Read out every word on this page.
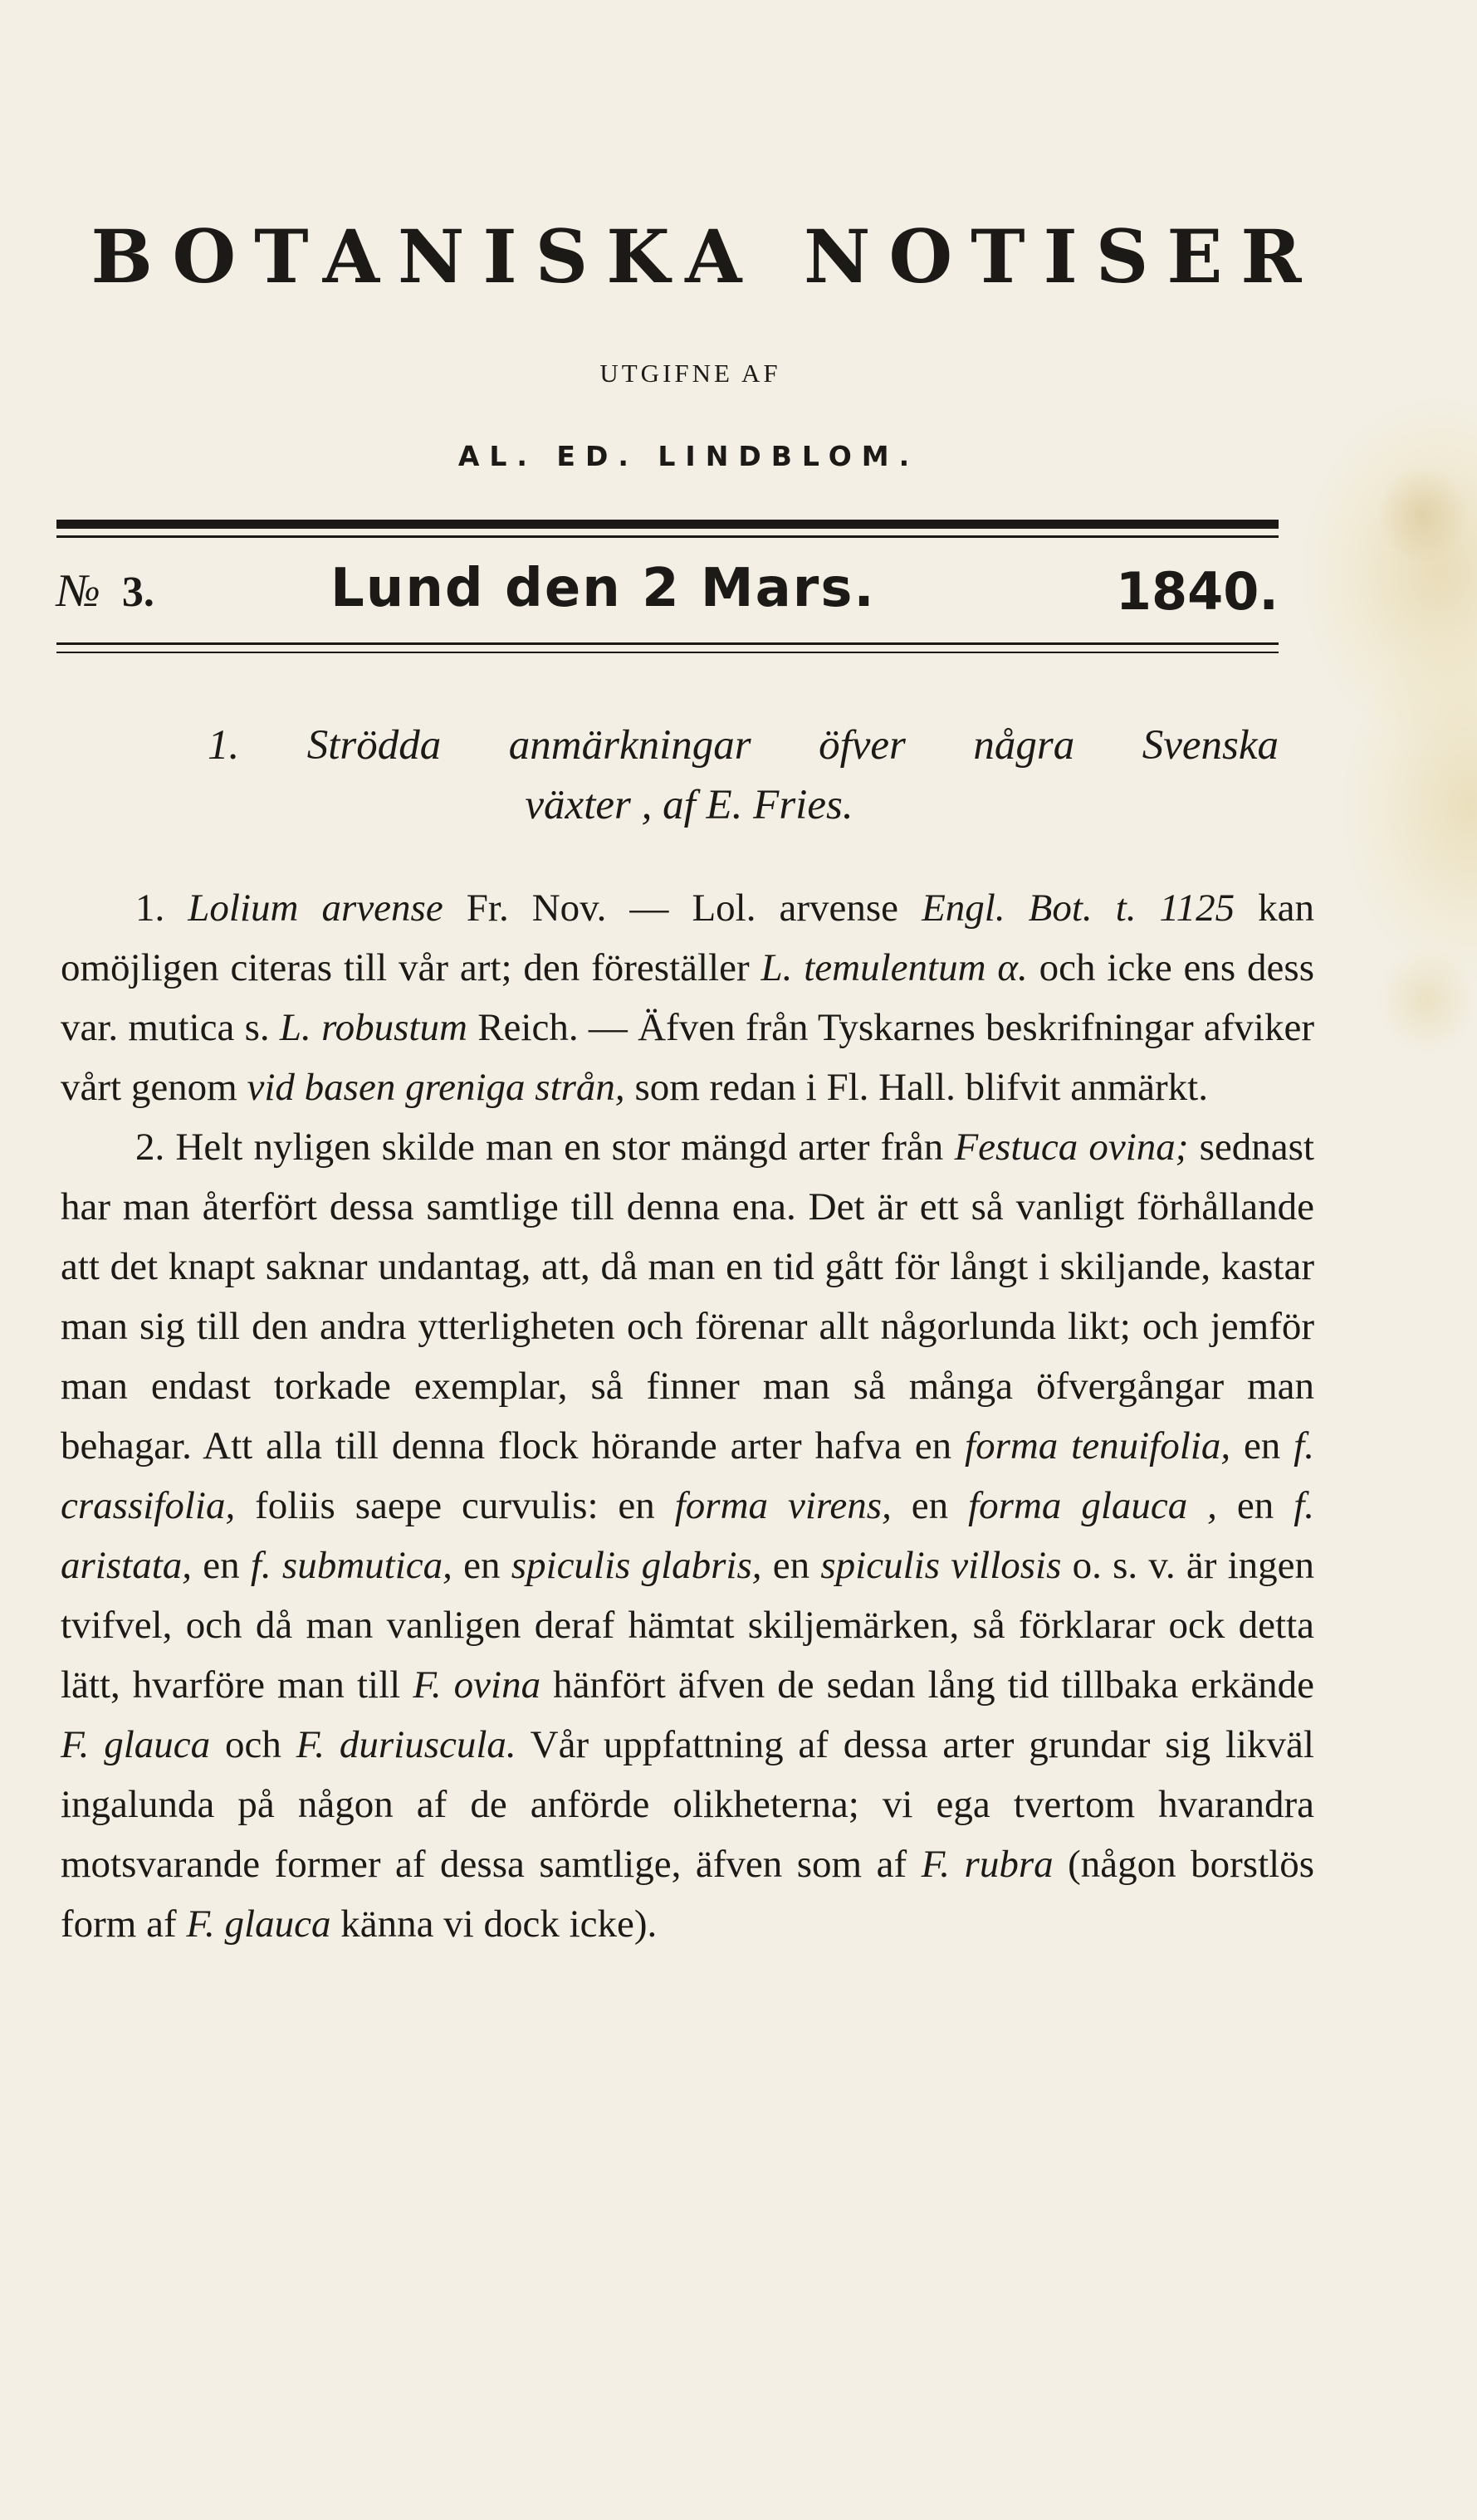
BOTANISKA NOTISER
UTGIFNE AF
AL. ED. LINDBLOM.
№ 3.	Lund den 2 Mars.	1840.
1. Strödda anmärkningar öfver några Svenska
växter , af E. Fries.

1. Lolium arvense Fr. Nov. — Lol. arvense Engl. Bot. t. 1125 kan omöjligen citeras till vår art; den föreställer L. temulentum α. och icke ens dess var. mutica s. L. robustum Reich. — Äfven från Tyskarnes beskrifningar afviker vårt genom vid basen greniga strån, som redan i Fl. Hall. blifvit anmärkt.

2. Helt nyligen skilde man en stor mängd arter från Festuca ovina; sednast har man återfört dessa samtlige till denna ena. Det är ett så vanligt förhållande att det knapt saknar undantag, att, då man en tid gått för långt i skiljande, kastar man sig till den andra ytterligheten och förenar allt någorlunda likt; och jemför man endast torkade exemplar, så finner man så många öfvergångar man behagar. Att alla till denna flock hörande arter hafva en forma tenuifolia, en f. crassifolia, foliis saepe curvulis: en forma virens, en forma glauca , en f. aristata, en f. submutica, en spiculis glabris, en spiculis villosis o. s. v. är ingen tvifvel, och då man vanligen deraf hämtat skiljemärken, så förklarar ock detta lätt, hvarföre man till F. ovina hänfört äfven de sedan lång tid tillbaka erkände F. glauca och F. duriuscula. Vår uppfattning af dessa arter grundar sig likväl ingalunda på någon af de anförde olikheterna; vi ega tvertom hvarandra motsvarande former af dessa samtlige, äfven som af F. rubra (någon borstlös form af F. glauca känna vi dock icke).
